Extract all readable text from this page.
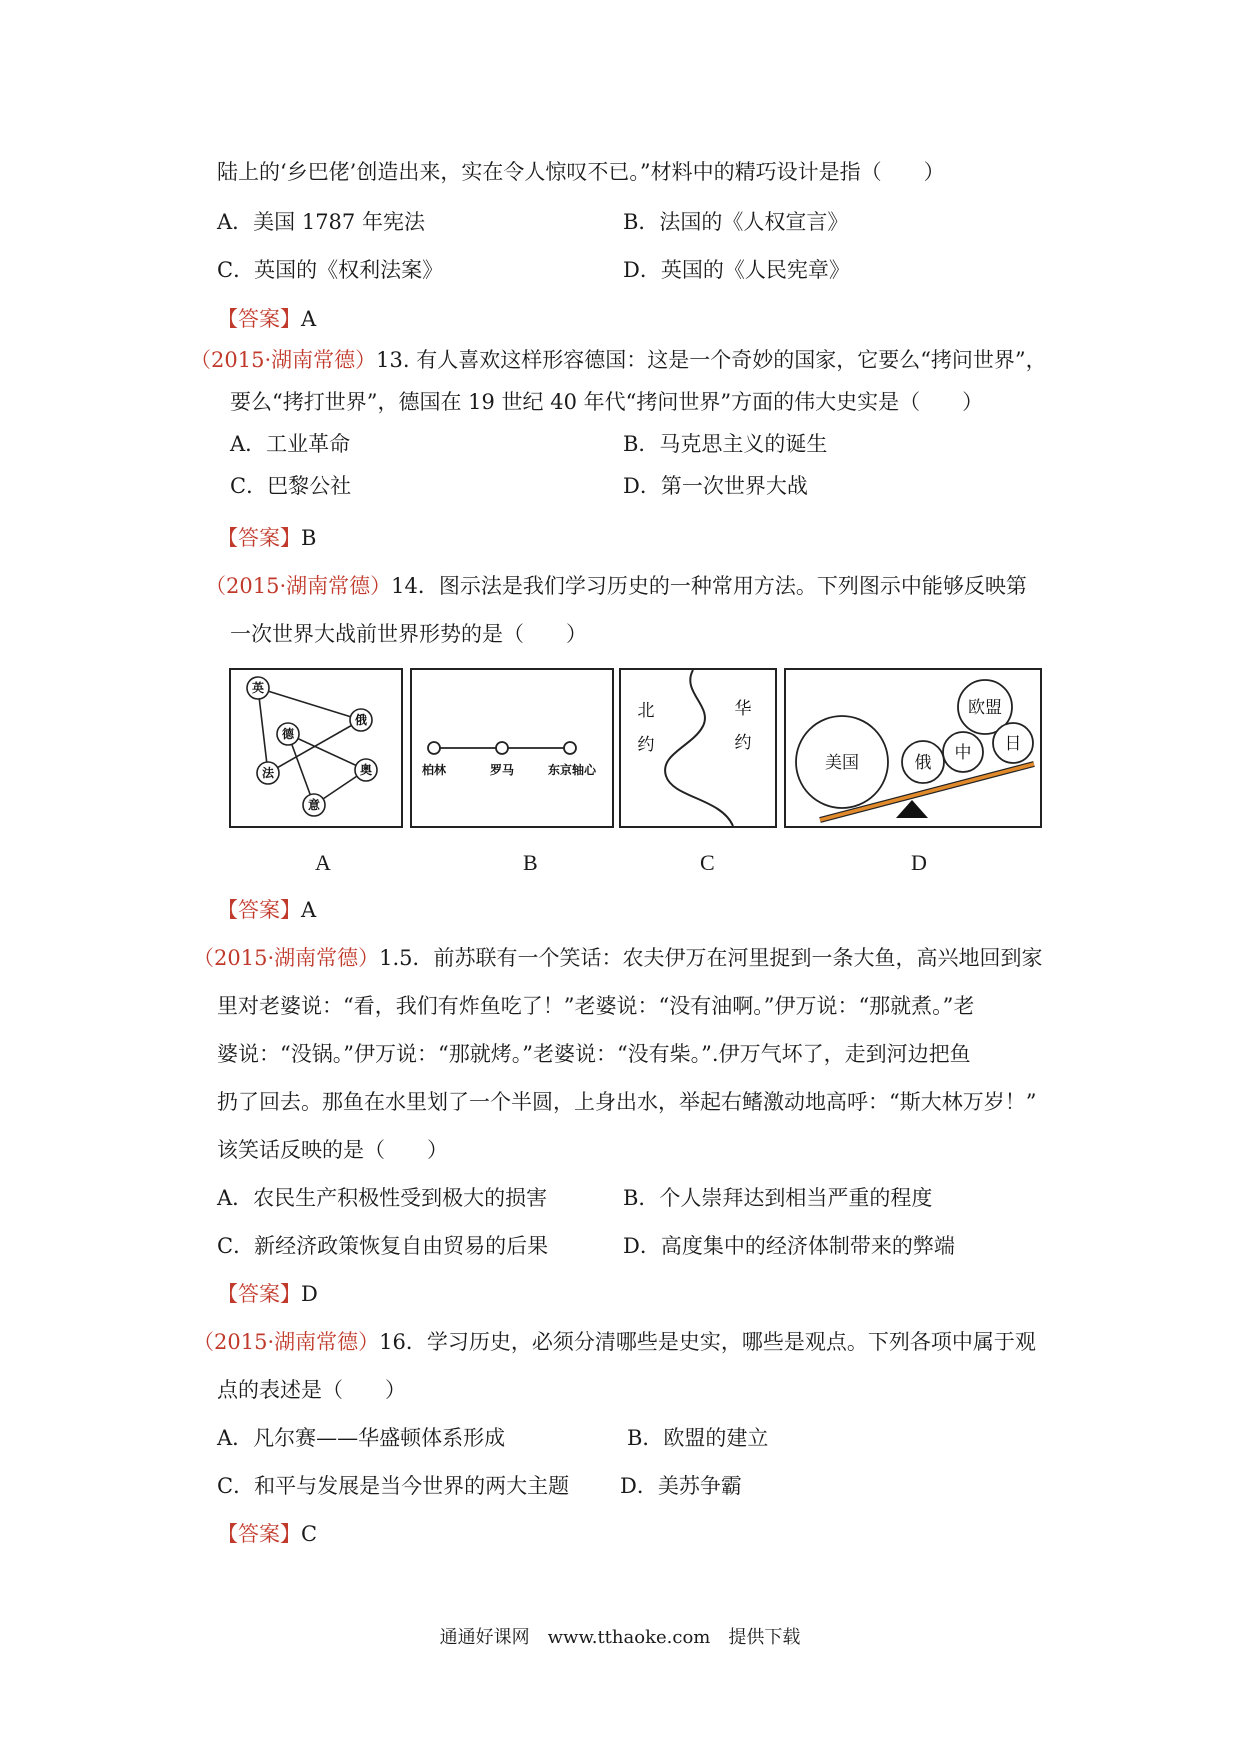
陆上的‘乡巴佬’创造出来，实在令人惊叹不已。”材料中的精巧设计是指（　　）
A．美国 1787 年宪法	B．法国的《人权宣言》
C．英国的《权利法案》	D．英国的《人民宪章》
【答案】A
（2015·湖南常德）13. 有人喜欢这样形容德国：这是一个奇妙的国家，它要么“拷问世界”，
要么“拷打世界”，德国在 19 世纪 40 年代“拷问世界”方面的伟大史实是（　　）
A．工业革命	B．马克思主义的诞生
C．巴黎公社	D．第一次世界大战
【答案】B
（2015·湖南常德）14．图示法是我们学习历史的一种常用方法。下列图示中能够反映第
一次世界大战前世界形势的是（　　）
英
俄
德
奥
法
意
柏林	罗马	东京轴心
北
约
华
约
美国	俄 中
欧盟
日
A	B	C	D
【答案】A
（2015·湖南常德）1.5．前苏联有一个笑话：农夫伊万在河里捉到一条大鱼，高兴地回到家
里对老婆说：“看，我们有炸鱼吃了！”老婆说：“没有油啊。”伊万说：“那就煮。”老
婆说：“没锅。”伊万说：“那就烤。”老婆说：“没有柴。”.伊万气坏了，走到河边把鱼
扔了回去。那鱼在水里划了一个半圆，上身出水，举起右鳍激动地高呼：“斯大林万岁！”
该笑话反映的是（　　）
A．农民生产积极性受到极大的损害	B．个人崇拜达到相当严重的程度
C．新经济政策恢复自由贸易的后果	D．高度集中的经济体制带来的弊端
【答案】D
（2015·湖南常德）16．学习历史，必须分清哪些是史实，哪些是观点。下列各项中属于观
点的表述是（　　）
A．凡尔赛——华盛顿体系形成	B．欧盟的建立
C．和平与发展是当今世界的两大主题 D．美苏争霸
【答案】C
通通好课网　www.tthaoke.com　提供下载
